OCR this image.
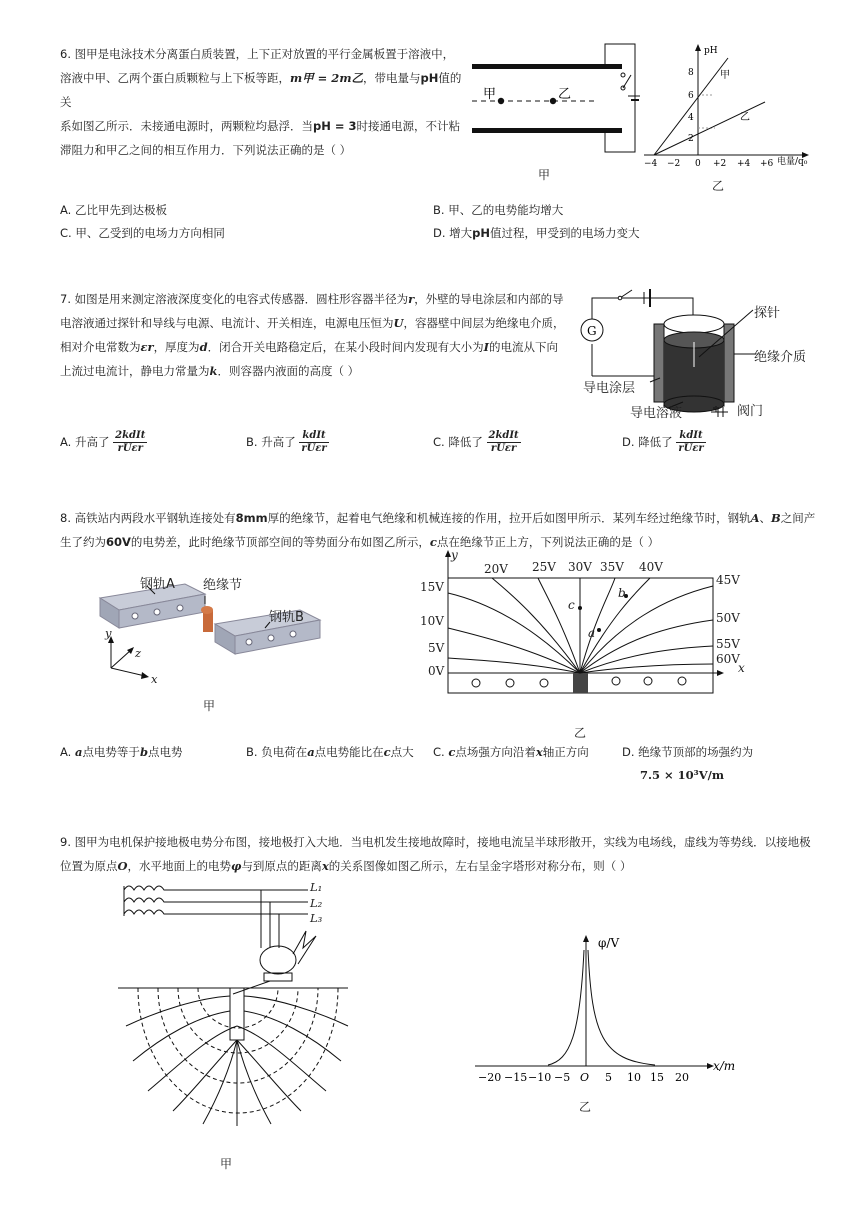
6. 图甲是电泳技术分离蛋白质装置，上下正对放置的平行金属板置于溶液中，
溶液中甲、乙两个蛋白质颗粒与上下板等距，m甲 = 2m乙，带电量与pH值的关
系如图乙所示．未接通电源时，两颗粒均悬浮．当pH = 3时接通电源，不计粘
滞阻力和甲乙之间的相互作用力．下列说法正确的是（ ）
甲	乙
甲
pH
8
6
4
2
−4 −2 0 +2 +4 +6 电量/q₀
甲
乙
乙
A. 乙比甲先到达极板	B. 甲、乙的电势能均增大
C. 甲、乙受到的电场力方向相同	D. 增大pH值过程，甲受到的电场力变大
7. 如图是用来测定溶液深度变化的电容式传感器．圆柱形容器半径为r，外壁的导电涂层和内部的导
电溶液通过探针和导线与电源、电流计、开关相连，电源电压恒为U，容器壁中间层为绝缘电介质，
相对介电常数为εr，厚度为d．闭合开关电路稳定后，在某小段时间内发现有大小为I的电流从下向
上流过电流计，静电力常量为k．则容器内液面的高度（ ）
G
探针
绝缘介质
导电涂层
导电溶液	阀门
A. 升高了 $\frac{\text{2kdIt}}{\text{rUεr}}$	B. 升高了 $\frac{\text{kdIt}}{\text{rUεr}}$	C. 降低了 $\frac{\text{2kdIt}}{\text{rUεr}}$	D. 降低了 $\frac{\text{kdIt}}{\text{rUεr}}$
8. 高铁站内两段水平钢轨连接处有8mm厚的绝缘节，起着电气绝缘和机械连接的作用，拉开后如图甲所示．某列车经过绝缘节时，钢轨A、B之间产
生了约为60V的电势差，此时绝缘节顶部空间的等势面分布如图乙所示，c点在绝缘节正上方，下列说法正确的是（ ）
钢轨A 绝缘节
钢轨B
y
z
x
甲
20V 25V 30V 35V 40V
15V
10V
5V
0V
45V
50V
55V
60V
y
x
c
a
b
乙
A. a点电势等于b点电势	B. 负电荷在a点电势能比在c点大 C. c点场强方向沿着x轴正方向	D. 绝缘节顶部的场强约为
7.5 × 10³V/m
9. 图甲为电机保护接地极电势分布图，接地极打入大地．当电机发生接地故障时，接地电流呈半球形散开，实线为电场线，虚线为等势线．以接地极
位置为原点O，水平地面上的电势φ与到原点的距离x的关系图像如图乙所示，左右呈金字塔形对称分布，则（ ）
L₁
L₂
L₃
甲
φ/V
x/m
−20 −15 −10 −5 O 5 10 15 20
乙
